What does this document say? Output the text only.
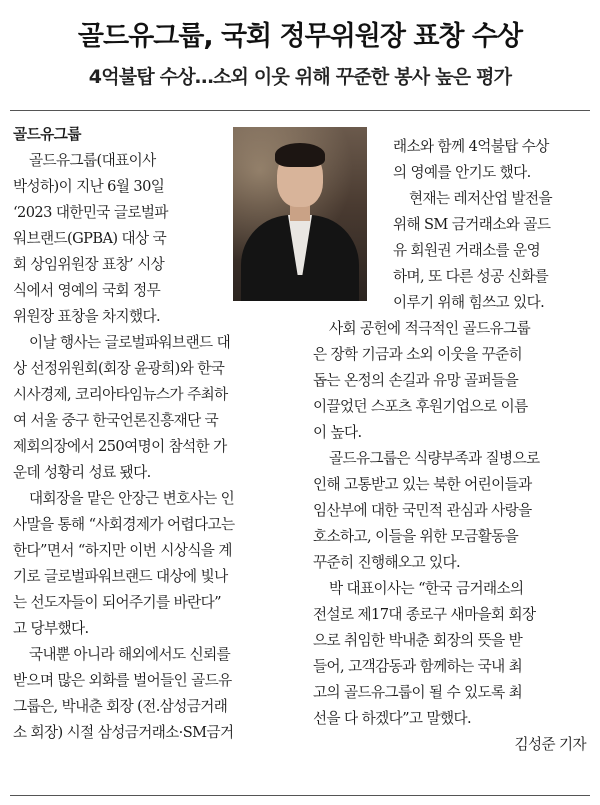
골드유그룹, 국회 정무위원장 표창 수상
4억불탑 수상…소외 이웃 위해 꾸준한 봉사 높은 평가
골드유그룹
골드유그룹(대표이사
박성하)이 지난 6월 30일
‘2023 대한민국 글로벌파
워브랜드(GPBA) 대상 국
회 상임위원장 표창’ 시상
식에서 영예의 국회 정무
위원장 표창을 차지했다.
이날 행사는 글로벌파워브랜드 대
상 선정위원회(회장 윤광희)와 한국
시사경제, 코리아타임뉴스가 주최하
여 서울 중구 한국언론진흥재단 국
제회의장에서 250여명이 참석한 가
운데 성황리 성료 됐다.
대회장을 맡은 안장근 변호사는 인
사말을 통해 “사회경제가 어렵다고는
한다”면서 “하지만 이번 시상식을 계
기로 글로벌파워브랜드 대상에 빛나
는 선도자들이 되어주기를 바란다”
고 당부했다.
국내뿐 아니라 해외에서도 신뢰를
받으며 많은 외화를 벌어들인 골드유
그룹은, 박내춘 회장 (전.삼성금거래
소 회장) 시절 삼성금거래소·SM금거
래소와 함께 4억불탑 수상
의 영예를 안기도 했다.
현재는 레저산업 발전을
위해 SM 금거래소와 골드
유 회원권 거래소를 운영
하며, 또 다른 성공 신화를
이루기 위해 힘쓰고 있다.
사회 공헌에 적극적인 골드유그룹
은 장학 기금과 소외 이웃을 꾸준히
돕는 온정의 손길과 유망 골퍼들을
이끌었던 스포츠 후원기업으로 이름
이 높다.
골드유그룹은 식량부족과 질병으로
인해 고통받고 있는 북한 어린이들과
임산부에 대한 국민적 관심과 사랑을
호소하고, 이들을 위한 모금활동을
꾸준히 진행해오고 있다.
박 대표이사는 “한국 금거래소의
전설로 제17대 종로구 새마을회 회장
으로 취임한 박내춘 회장의 뜻을 받
들어, 고객감동과 함께하는 국내 최
고의 골드유그룹이 될 수 있도록 최
선을 다 하겠다”고 말했다.
김성준 기자
